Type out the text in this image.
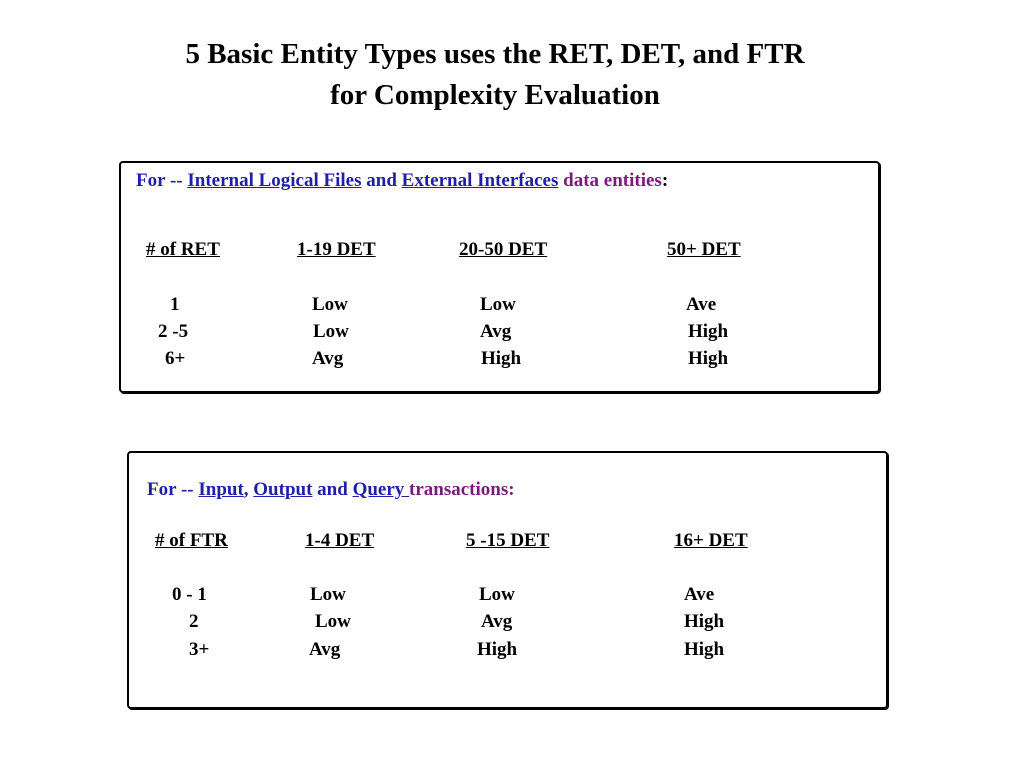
5 Basic Entity Types uses the RET, DET, and FTR
for Complexity Evaluation
For -- Internal Logical Files and External Interfaces data entities:
# of RET	1-19 DET	20-50 DET	50+ DET
1	Low	Low	Ave
2 -5	Low	Avg	High
6+	Avg	High	High
For -- Input, Output and Query transactions:
# of FTR	1-4 DET	5 -15 DET	16+ DET
0 - 1	Low	Low	Ave
2	Low	Avg	High
3+	Avg	High	High
